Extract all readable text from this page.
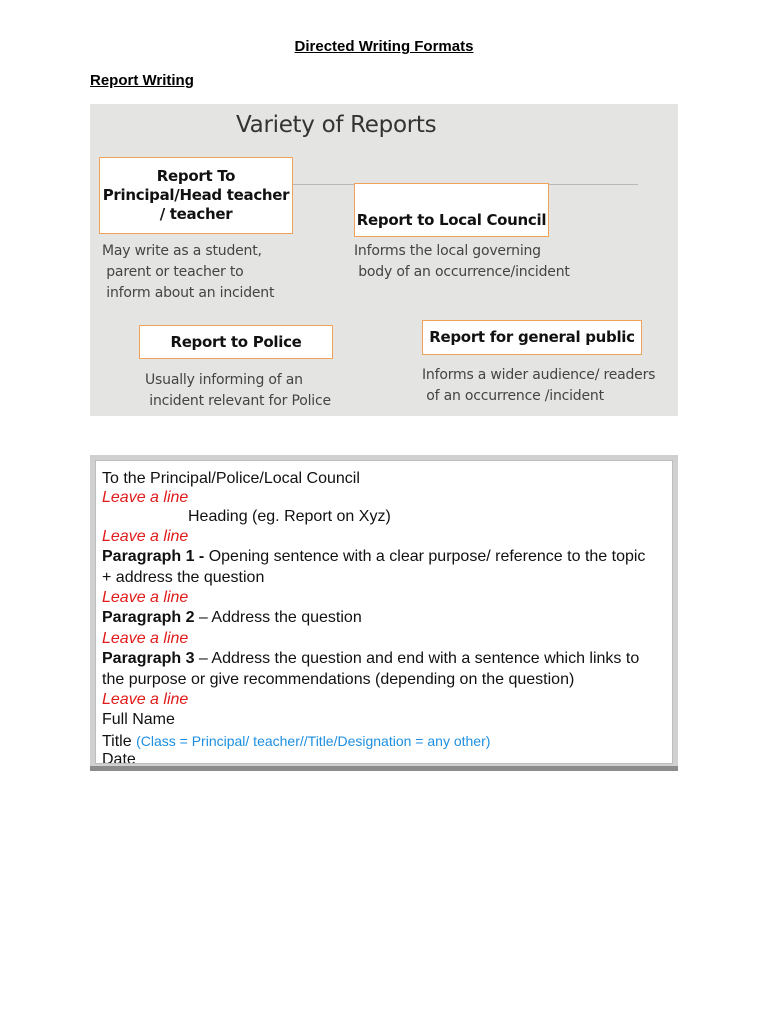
Directed Writing Formats
Report Writing
Variety of Reports
Report To
Principal/Head teacher
/ teacher	Report to Local Council
Report to Police	Report for general public
May write as a student,
parent or teacher to
inform about an incident
Informs the local governing
body of an occurrence/incident
Usually informing of an
incident relevant for Police
Informs a wider audience/ readers
of an occurrence /incident
To the Principal/Police/Local Council
Leave a line
Heading (eg. Report on Xyz)
Leave a line
Paragraph 1 - Opening sentence with a clear purpose/ reference to the topic
+ address the question
Leave a line
Paragraph 2 – Address the question
Leave a line
Paragraph 3 – Address the question and end with a sentence which links to
the purpose or give recommendations (depending on the question)
Leave a line
Full Name
Title (Class = Principal/ teacher//Title/Designation = any other)
Date
